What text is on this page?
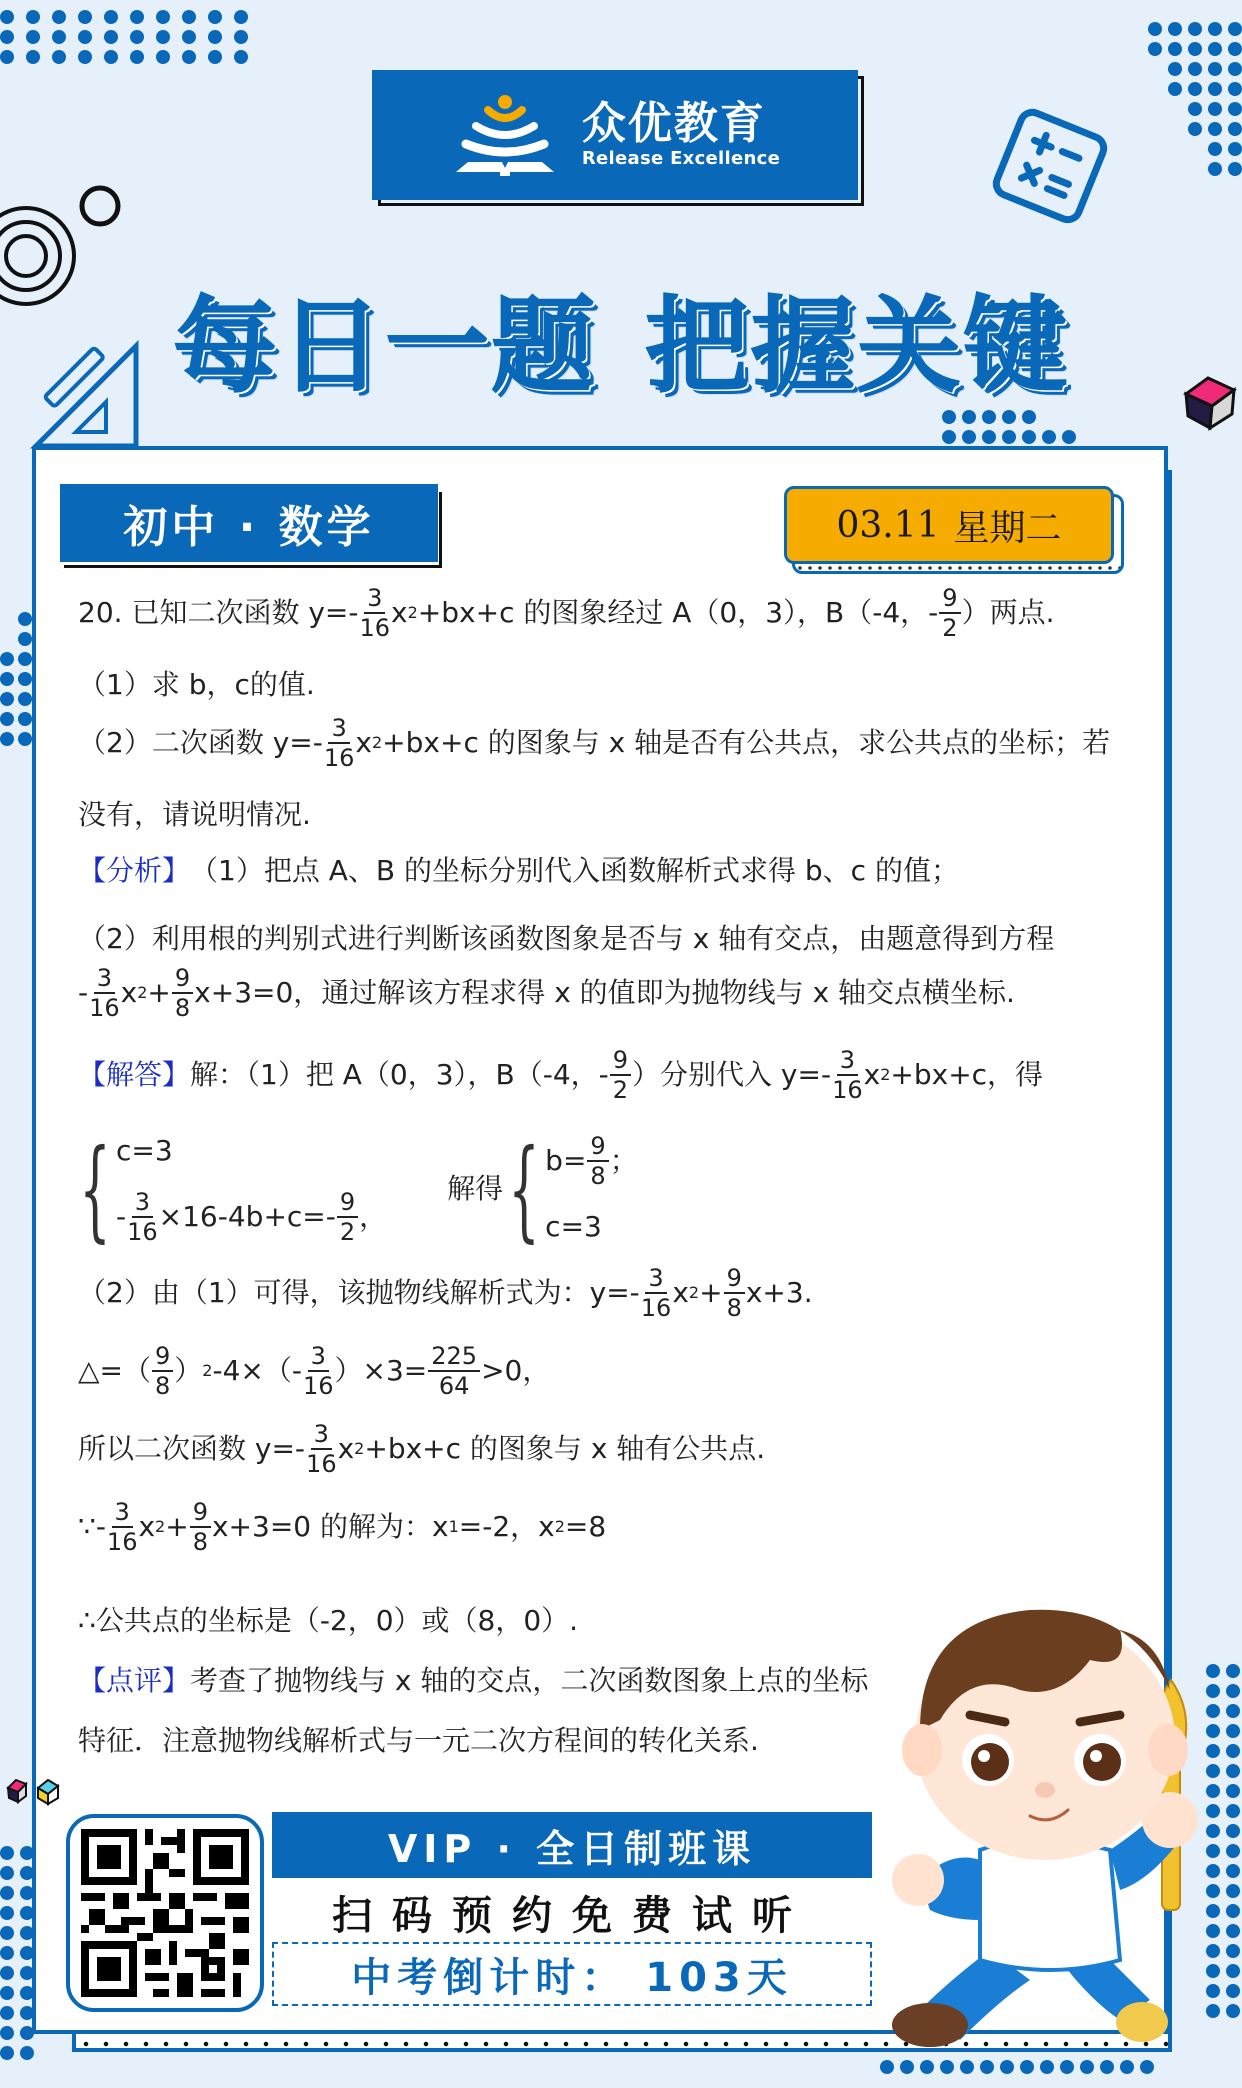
众优教育
Release Excellence
每日一题 把握关键
初中 · 数学	03.11 星期二
20.
已知二次函数 $y=- \frac{3}{16}$ x 2 +bx+c 的图象经过 A（0，3），B（-4，- $\frac{9}{2}$ ）两点.
（1）求 b，c的值.
（2）二次函数 $y=- \frac{3}{16}$ x 2 +bx+c 的图象与 x 轴是否有公共点，求公共点的坐标；若
没有，请说明情况.
【分析】 （1）把点 A、B 的坐标分别代入函数解析式求得 b、c 的值；
（2）利用根的判别式进行判断该函数图象是否与 x 轴有交点，由题意得到方程
- $\frac{3}{16}$ x $2 + \frac{9}{8} x+3=0$，通过解该方程求得 x 的值即为抛物线与 x 轴交点横坐标.
【解答】 解：（1）把 A（0，3），B（-4，- $\frac{9}{2}$ ）分别代入 $y=- \frac{3}{16}$ x 2 +bx+c，得
{ c=3
- $\frac{3}{16} \times 16-4b+c=- \frac{9}{2}$ ，
解得 { $b= \frac{9}{8}$ ；
c=3
（2）由（1）可得，该抛物线解析式为：$y=- \frac{3}{16}$ x $2 + \frac{9}{8} x+3$.
△=（ $\frac{9}{8}$ ） 2 $-4\times(- \frac{3}{16} )\times 3= \frac{225}{64} >0$，
所以二次函数 $y=- \frac{3}{16}$ x 2 +bx+c 的图象与 x 轴有公共点.
∵- $\frac{3}{16}$ x $2 + \frac{9}{8} x+3=0$ 的解为：x 1 =-2，x 2 =8
∴公共点的坐标是（-2，0）或（8，0）.
【点评】 考查了抛物线与 x 轴的交点，二次函数图象上点的坐标
特征．注意抛物线解析式与一元二次方程间的转化关系.
VIP · 全日制班课
扫码预约免费试听
中考倒计时： 103天
